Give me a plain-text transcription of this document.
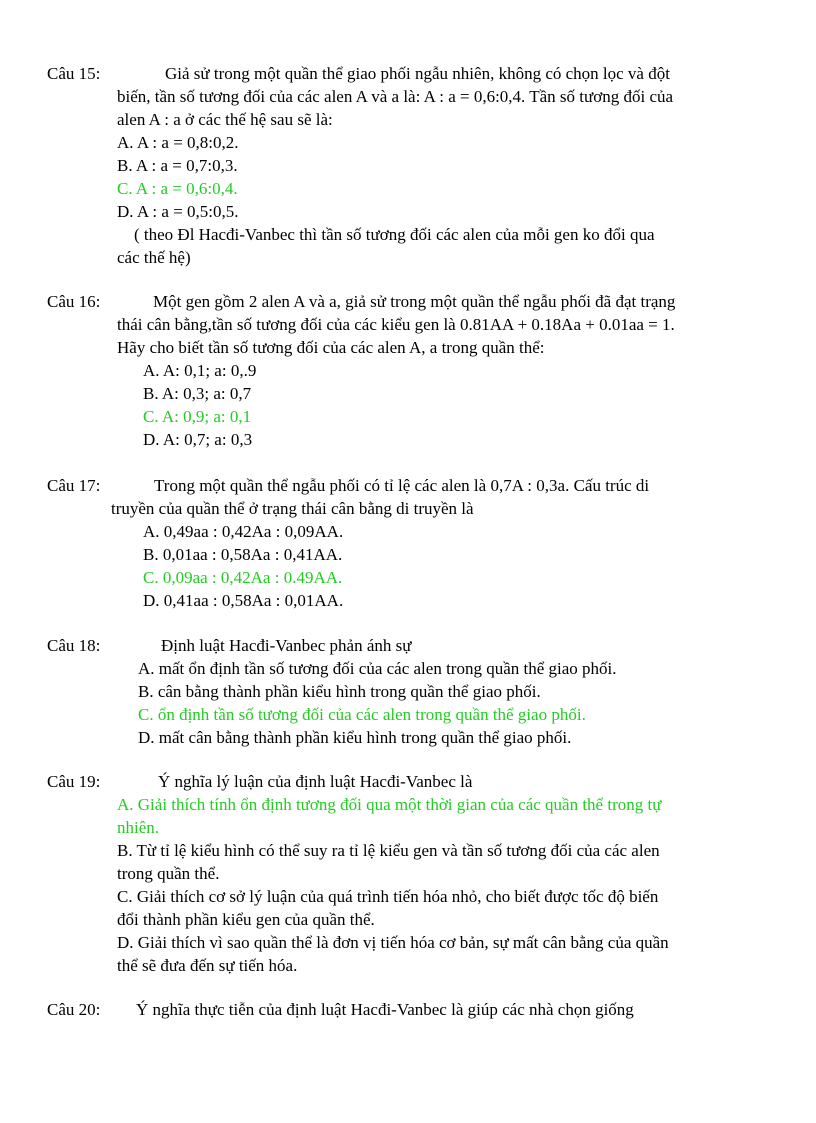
Câu 15:	Giả sử trong một quần thể giao phối ngẫu nhiên, không có chọn lọc và đột
biến, tần số tương đối của các alen A và a là: A : a = 0,6:0,4. Tần số tương đối của
alen A : a ở các thế hệ sau sẽ là:
A. A : a = 0,8:0,2.
B. A : a = 0,7:0,3.
C. A : a = 0,6:0,4.
D. A : a = 0,5:0,5.
( theo Đl Hacđi-Vanbec thì tần số tương đối các alen của mỗi gen ko đổi qua
các thế hệ)
Câu 16:	Một gen gồm 2 alen A và a, giả sử trong một quần thể ngẫu phối đã đạt trạng
thái cân bằng,tần số tương đối của các kiểu gen là 0.81AA + 0.18Aa + 0.01aa = 1.
Hãy cho biết tần số tương đối của các alen A, a trong quần thể:
A. A: 0,1; a: 0,.9
B. A: 0,3; a: 0,7
C. A: 0,9; a: 0,1
D. A: 0,7; a: 0,3
Câu 17:	Trong một quần thể ngẫu phối có tỉ lệ các alen là 0,7A : 0,3a. Cấu trúc di
truyền của quần thể ở trạng thái cân bằng di truyền là
A. 0,49aa : 0,42Aa : 0,09AA.
B. 0,01aa : 0,58Aa : 0,41AA.
C. 0,09aa : 0,42Aa : 0.49AA.
D. 0,41aa : 0,58Aa : 0,01AA.
Câu 18:	Định luật Hacđi-Vanbec phản ánh sự
A. mất ổn định tần số tương đối của các alen trong quần thể giao phối.
B. cân bằng thành phần kiểu hình trong quần thể giao phối.
C. ổn định tần số tương đối của các alen trong quần thể giao phối.
D. mất cân bằng thành phần kiểu hình trong quần thể giao phối.
Câu 19:	Ý nghĩa lý luận của định luật Hacđi-Vanbec là
A. Giải thích tính ổn định tương đối qua một thời gian của các quần thể trong tự
nhiên.
B. Từ tỉ lệ kiểu hình có thể suy ra tỉ lệ kiểu gen và tần số tương đối của các alen
trong quần thể.
C. Giải thích cơ sở lý luận của quá trình tiến hóa nhỏ, cho biết được tốc độ biến
đổi thành phần kiểu gen của quần thể.
D. Giải thích vì sao quần thể là đơn vị tiến hóa cơ bản, sự mất cân bằng của quần
thể sẽ đưa đến sự tiến hóa.
Câu 20: Ý nghĩa thực tiễn của định luật Hacđi-Vanbec là giúp các nhà chọn giống
